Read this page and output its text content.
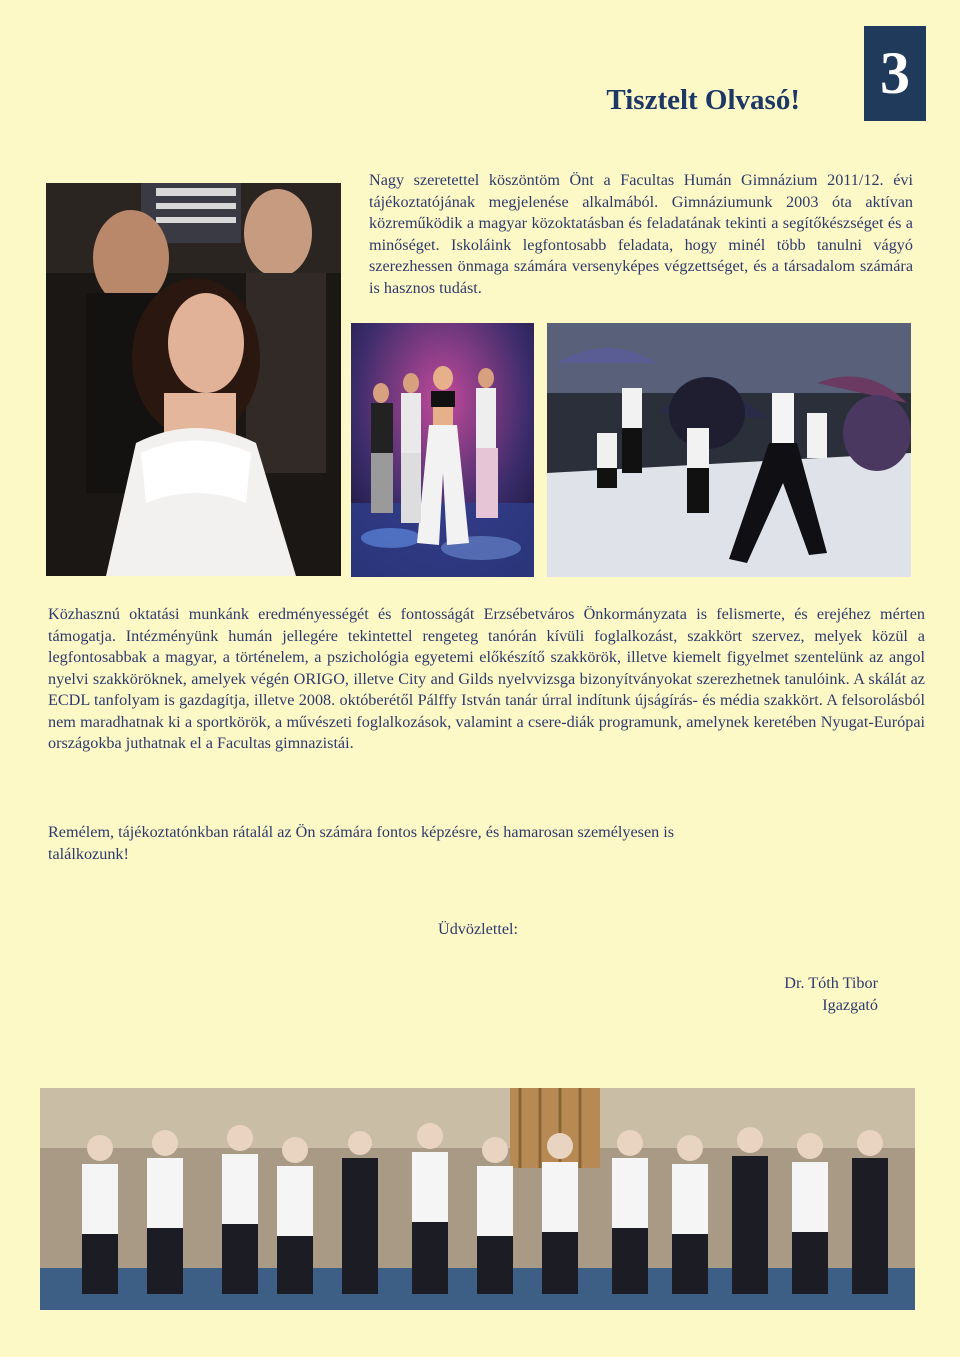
3
Tisztelt Olvasó!

Nagy szeretettel köszöntöm Önt a Facultas Humán Gimnázium 2011/12. évi tájékoztatójának megjelenése alkalmából. Gimnáziumunk 2003 óta aktívan közreműködik a magyar közoktatásban és feladatának tekinti a segítőkészséget és a minőséget. Iskoláink legfontosabb feladata, hogy minél több tanulni vágyó szerezhessen önmaga számára versenyképes végzettséget, és a társadalom számára is hasznos tudást.

Közhasznú oktatási munkánk eredményességét és fontosságát Erzsébetváros Önkormányzata is felismerte, és erejéhez mérten támogatja. Intézményünk humán jellegére tekintettel rengeteg tanórán kívüli foglalkozást, szakkört szervez, melyek közül a legfontosabbak a magyar, a történelem, a pszichológia egyetemi előkészítő szakkörök, illetve kiemelt figyelmet szentelünk az angol nyelvi szakköröknek, amelyek végén ORIGO, illetve City and Gilds nyelvvizsga bizonyítványokat szerezhetnek tanulóink. A skálát az ECDL tanfolyam is gazdagítja, illetve 2008. októberétől Pálffy István tanár úrral indítunk újságírás- és média szakkört. A felsorolásból nem maradhatnak ki a sportkörök, a művészeti foglalkozások, valamint a csere-diák programunk, amelynek keretében Nyugat-Európai országokba juthatnak el a Facultas gimnazistái.

Remélem, tájékoztatónkban rátalál az Ön számára fontos képzésre, és hamarosan személyesen is találkozunk!

Üdvözlettel:

Dr. Tóth Tibor

Igazgató
